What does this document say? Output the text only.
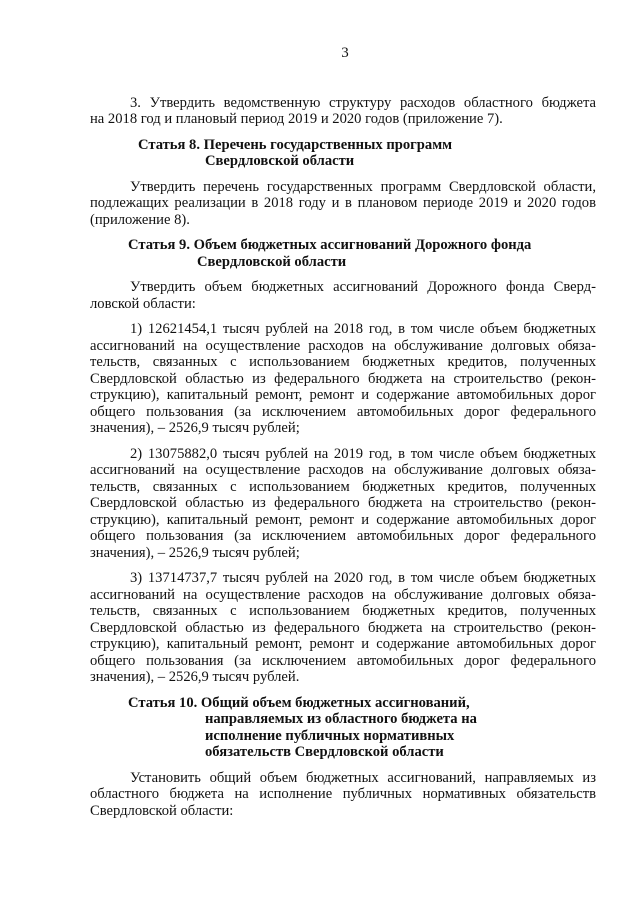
3
3. Утвердить ведомственную структуру расходов областного бюджета
на 2018 год и плановый период 2019 и 2020 годов (приложение 7).
Статья 8. Перечень государственных программ
Свердловской области
Утвердить перечень государственных программ Свердловской области,
подлежащих реализации в 2018 году и в плановом периоде 2019 и 2020 годов
(приложение 8).
Статья 9. Объем бюджетных ассигнований Дорожного фонда
Свердловской области
Утвердить объем бюджетных ассигнований Дорожного фонда Сверд-
ловской области:
1) 12621454,1 тысяч рублей на 2018 год, в том числе объем бюджетных
ассигнований на осуществление расходов на обслуживание долговых обяза-
тельств, связанных с использованием бюджетных кредитов, полученных
Свердловской областью из федерального бюджета на строительство (рекон-
струкцию), капитальный ремонт, ремонт и содержание автомобильных дорог
общего пользования (за исключением автомобильных дорог федерального
значения), – 2526,9 тысяч рублей;
2) 13075882,0 тысяч рублей на 2019 год, в том числе объем бюджетных
ассигнований на осуществление расходов на обслуживание долговых обяза-
тельств, связанных с использованием бюджетных кредитов, полученных
Свердловской областью из федерального бюджета на строительство (рекон-
струкцию), капитальный ремонт, ремонт и содержание автомобильных дорог
общего пользования (за исключением автомобильных дорог федерального
значения), – 2526,9 тысяч рублей;
3) 13714737,7 тысяч рублей на 2020 год, в том числе объем бюджетных
ассигнований на осуществление расходов на обслуживание долговых обяза-
тельств, связанных с использованием бюджетных кредитов, полученных
Свердловской областью из федерального бюджета на строительство (рекон-
струкцию), капитальный ремонт, ремонт и содержание автомобильных дорог
общего пользования (за исключением автомобильных дорог федерального
значения), – 2526,9 тысяч рублей.
Статья 10. Общий объем бюджетных ассигнований,
направляемых из областного бюджета на
исполнение публичных нормативных
обязательств Свердловской области
Установить общий объем бюджетных ассигнований, направляемых из
областного бюджета на исполнение публичных нормативных обязательств
Свердловской области:
